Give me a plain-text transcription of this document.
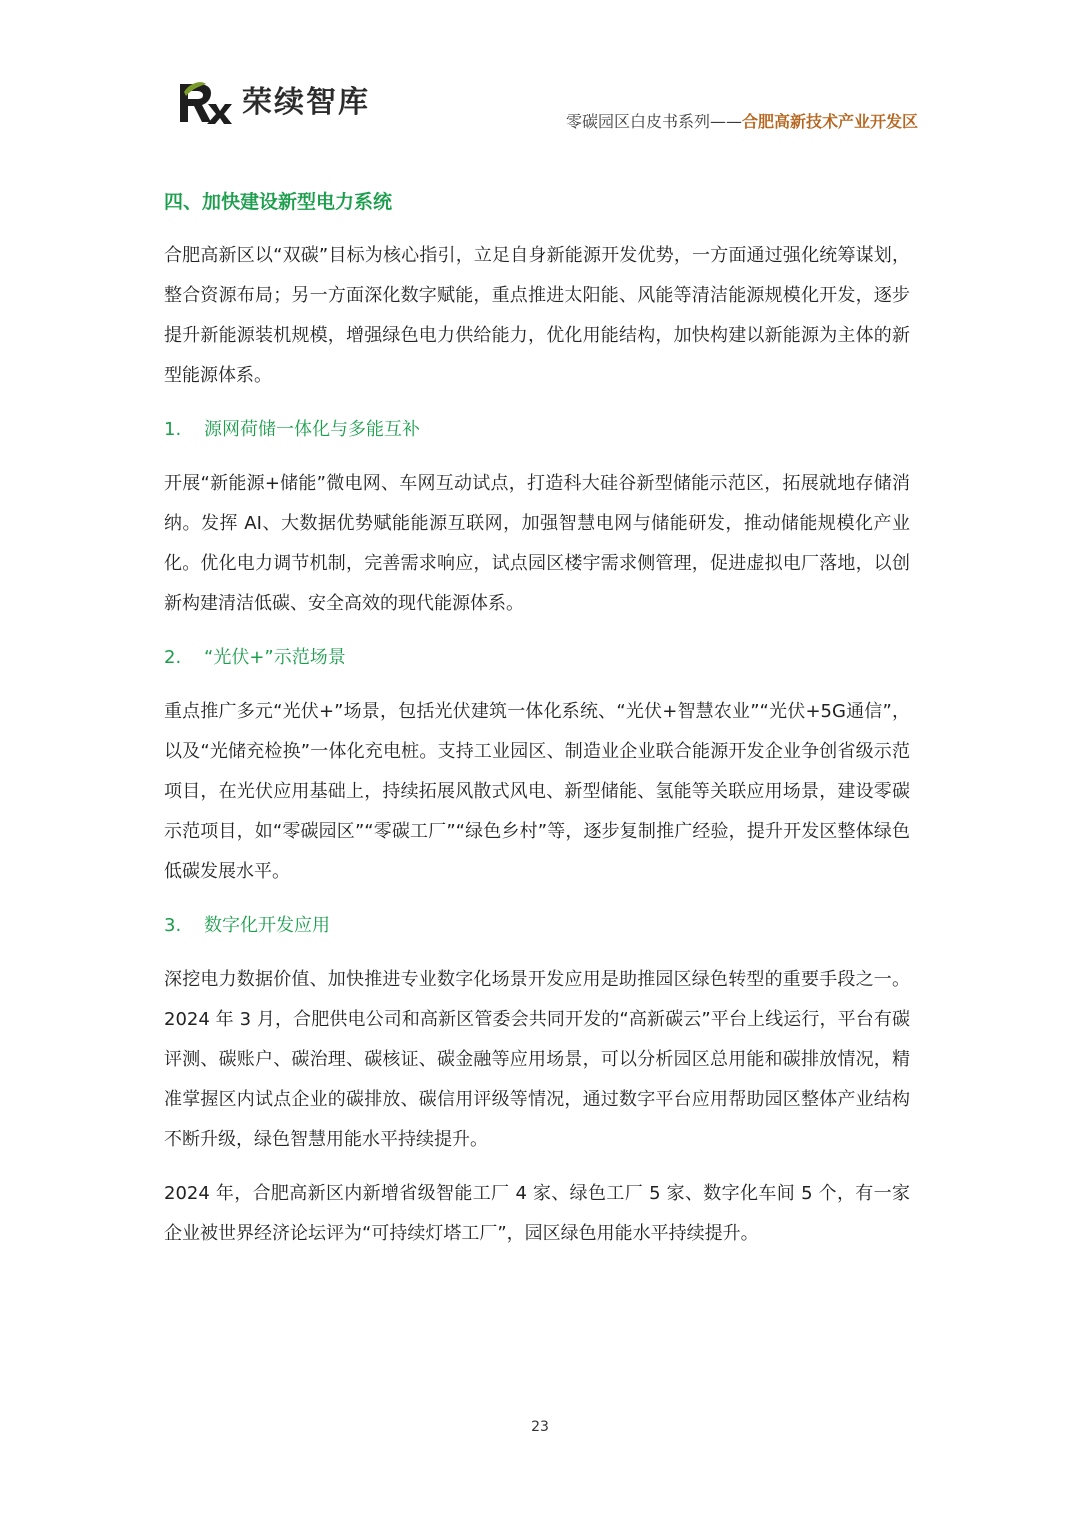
荣续智库
零碳园区白皮书系列——合肥高新技术产业开发区
四、加快建设新型电力系统

合肥高新区以“双碳”目标为核心指引，立足自身新能源开发优势，一方面通过强化统筹谋划，整合资源布局；另一方面深化数字赋能，重点推进太阳能、风能等清洁能源规模化开发，逐步提升新能源装机规模，增强绿色电力供给能力，优化用能结构，加快构建以新能源为主体的新型能源体系。

1.	源网荷储一体化与多能互补

开展“新能源+储能”微电网、车网互动试点，打造科大硅谷新型储能示范区，拓展就地存储消纳。发挥 AI、大数据优势赋能能源互联网，加强智慧电网与储能研发，推动储能规模化产业化。优化电力调节机制，完善需求响应，试点园区楼宇需求侧管理，促进虚拟电厂落地，以创新构建清洁低碳、安全高效的现代能源体系。

2.	“光伏+”示范场景

重点推广多元“光伏+”场景，包括光伏建筑一体化系统、“光伏+智慧农业”“光伏+5G通信”，以及“光储充检换”一体化充电桩。支持工业园区、制造业企业联合能源开发企业争创省级示范项目，在光伏应用基础上，持续拓展风散式风电、新型储能、氢能等关联应用场景，建设零碳示范项目，如“零碳园区”“零碳工厂”“绿色乡村”等，逐步复制推广经验，提升开发区整体绿色低碳发展水平。

3.	数字化开发应用

深挖电力数据价值、加快推进专业数字化场景开发应用是助推园区绿色转型的重要手段之一。2024 年 3 月，合肥供电公司和高新区管委会共同开发的“高新碳云”平台上线运行，平台有碳评测、碳账户、碳治理、碳核证、碳金融等应用场景，可以分析园区总用能和碳排放情况，精准掌握区内试点企业的碳排放、碳信用评级等情况，通过数字平台应用帮助园区整体产业结构不断升级，绿色智慧用能水平持续提升。

2024 年，合肥高新区内新增省级智能工厂 4 家、绿色工厂 5 家、数字化车间 5 个，有一家企业被世界经济论坛评为“可持续灯塔工厂”，园区绿色用能水平持续提升。

23
